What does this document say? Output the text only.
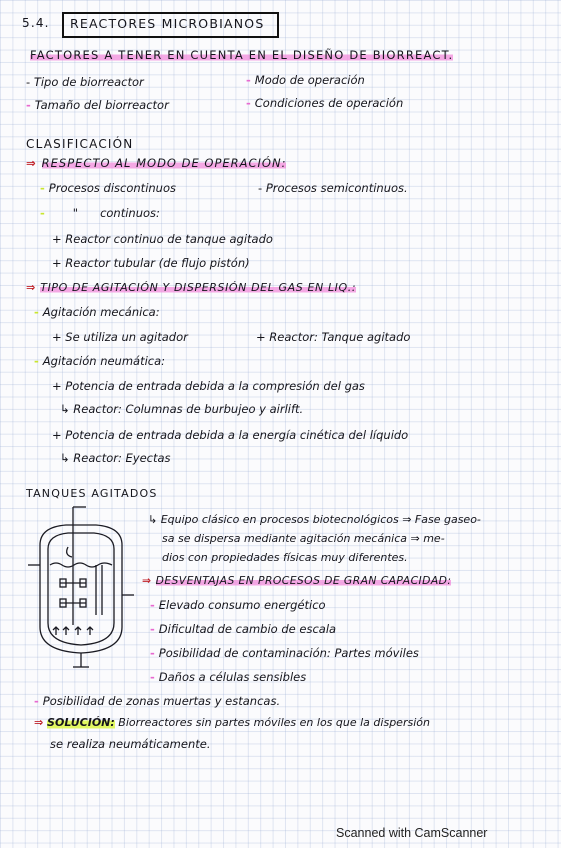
5.4. REACTORES MICROBIANOS
FACTORES A TENER EN CUENTA EN EL DISEÑO DE BIORREACT.
- Tipo de biorreactor	- Modo de operación
- Tamaño del biorreactor	- Condiciones de operación
CLASIFICACIÓN
⇒ RESPECTO AL MODO DE OPERACIÓN:
- Procesos discontinuos	- Procesos semicontinuos.
- " continuos:
+ Reactor continuo de tanque agitado
+ Reactor tubular (de flujo pistón)
⇒ TIPO DE AGITACIÓN Y DISPERSIÓN DEL GAS EN LIQ.:
- Agitación mecánica:
+ Se utiliza un agitador	+ Reactor: Tanque agitado
- Agitación neumática:
+ Potencia de entrada debida a la compresión del gas
↳ Reactor: Columnas de burbujeo y airlift.
+ Potencia de entrada debida a la energía cinética del líquido
↳ Reactor: Eyectas
TANQUES AGITADOS
↳ Equipo clásico en procesos biotecnológicos ⇒ Fase gaseo-
sa se dispersa mediante agitación mecánica ⇒ me-
dios con propiedades físicas muy diferentes.
⇒ DESVENTAJAS EN PROCESOS DE GRAN CAPACIDAD:
- Elevado consumo energético
- Dificultad de cambio de escala
- Posibilidad de contaminación: Partes móviles
- Daños a células sensibles
- Posibilidad de zonas muertas y estancas.
⇒ SOLUCIÓN: Biorreactores sin partes móviles en los que la dispersión
se realiza neumáticamente.
Scanned with CamScanner
